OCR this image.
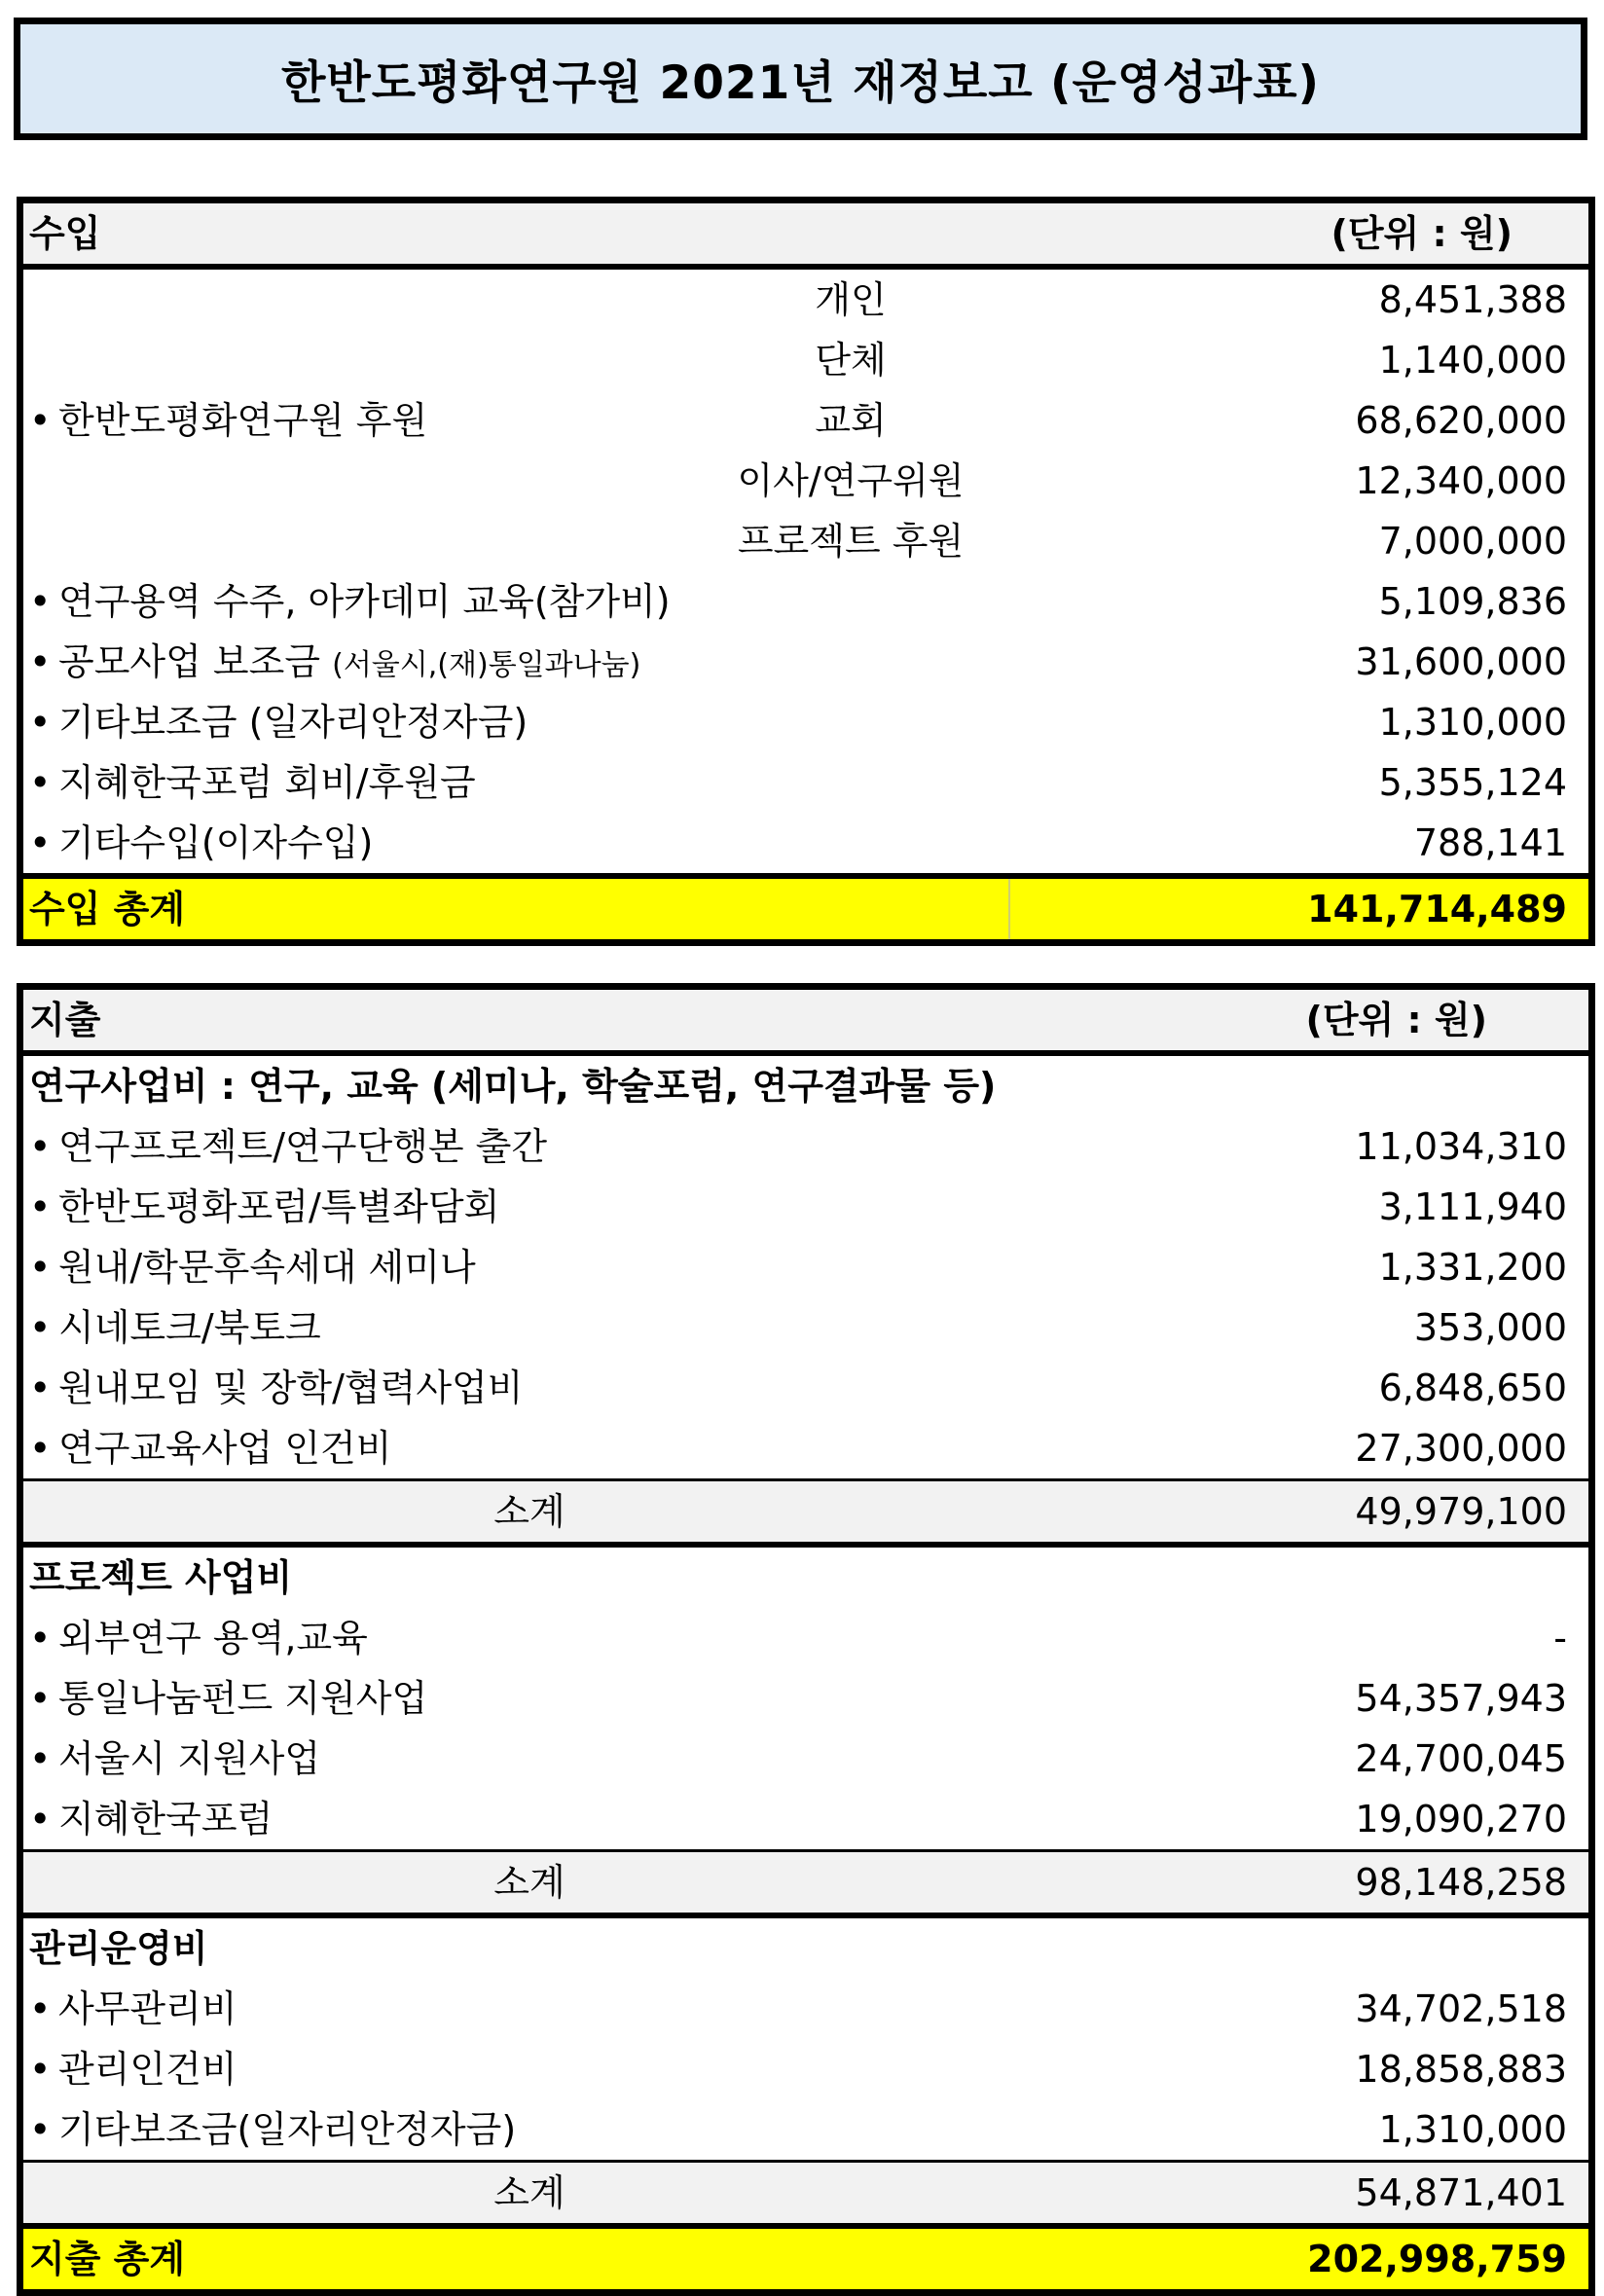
한반도평화연구원 2021년 재정보고 (운영성과표)
수입	(단위 : 원)
개인	8,451,388
단체	1,140,000
• 한반도평화연구원 후원	교회	68,620,000
이사/연구위원	12,340,000
프로젝트 후원	7,000,000
• 연구용역 수주, 아카데미 교육(참가비)	5,109,836
• 공모사업 보조금 (서울시,(재)통일과나눔)	31,600,000
• 기타보조금 (일자리안정자금)	1,310,000
• 지혜한국포럼 회비/후원금	5,355,124
• 기타수입(이자수입)	788,141
수입 총계	141,714,489
지출	(단위 : 원)
연구사업비 : 연구, 교육 (세미나, 학술포럼, 연구결과물 등)
• 연구프로젝트/연구단행본 출간	11,034,310
• 한반도평화포럼/특별좌담회	3,111,940
• 원내/학문후속세대 세미나	1,331,200
• 시네토크/북토크	353,000
• 원내모임 및 장학/협력사업비	6,848,650
• 연구교육사업 인건비	27,300,000
소계	49,979,100
프로젝트 사업비
• 외부연구 용역,교육	-
• 통일나눔펀드 지원사업	54,357,943
• 서울시 지원사업	24,700,045
• 지혜한국포럼	19,090,270
소계	98,148,258
관리운영비
• 사무관리비	34,702,518
• 관리인건비	18,858,883
• 기타보조금(일자리안정자금)	1,310,000
소계	54,871,401
지출 총계	202,998,759
